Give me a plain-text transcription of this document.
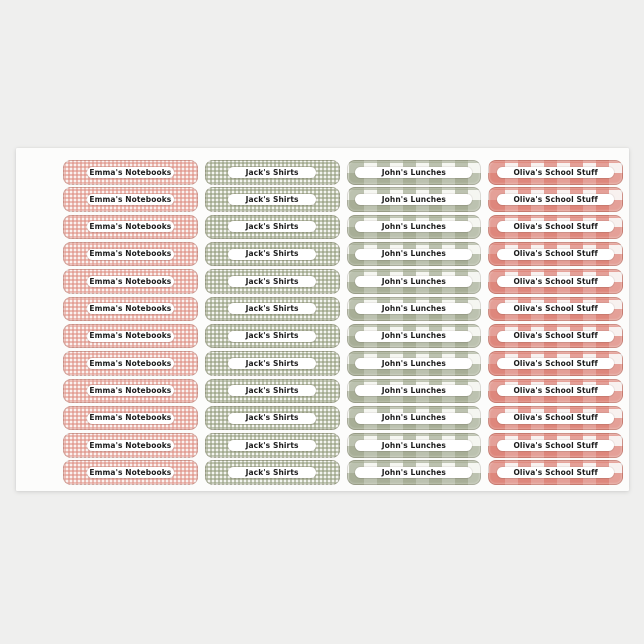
Emma's Notebooks
Emma's Notebooks
Emma's Notebooks
Emma's Notebooks
Emma's Notebooks
Emma's Notebooks
Emma's Notebooks
Emma's Notebooks
Emma's Notebooks
Emma's Notebooks
Emma's Notebooks
Emma's Notebooks
Jack's Shirts
Jack's Shirts
Jack's Shirts
Jack's Shirts
Jack's Shirts
Jack's Shirts
Jack's Shirts
Jack's Shirts
Jack's Shirts
Jack's Shirts
Jack's Shirts
Jack's Shirts
John's Lunches
John's Lunches
John's Lunches
John's Lunches
John's Lunches
John's Lunches
John's Lunches
John's Lunches
John's Lunches
John's Lunches
John's Lunches
John's Lunches
Oliva's School Stuff
Oliva's School Stuff
Oliva's School Stuff
Oliva's School Stuff
Oliva's School Stuff
Oliva's School Stuff
Oliva's School Stuff
Oliva's School Stuff
Oliva's School Stuff
Oliva's School Stuff
Oliva's School Stuff
Oliva's School Stuff
